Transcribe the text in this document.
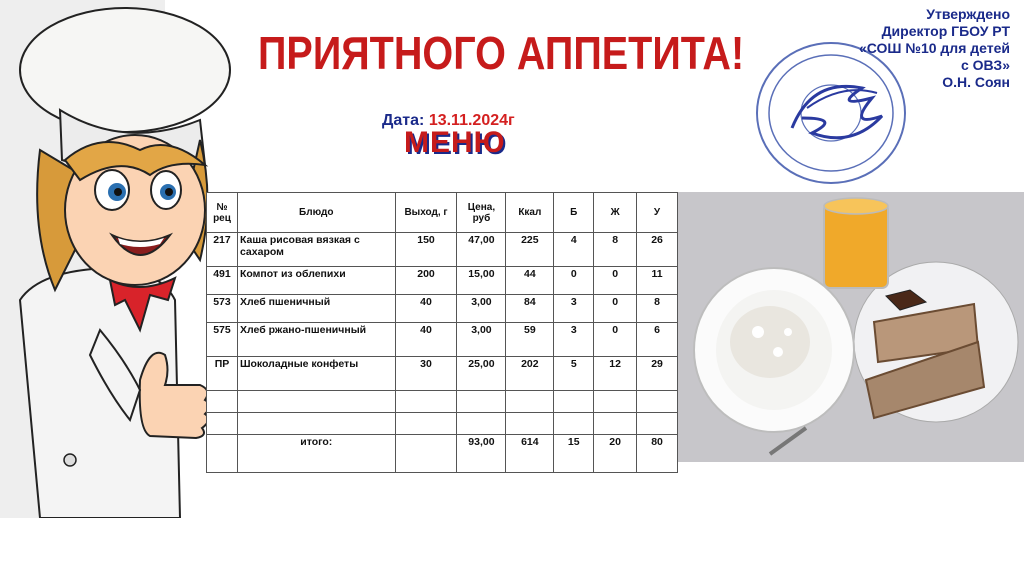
ПРИЯТНОГО АППЕТИТА!
Дата: 13.11.2024г
МЕНЮ
Утверждено
Директор ГБОУ РТ
«СОШ №10 для детей
с ОВЗ»
О.Н. Соян
№ рец	Блюдо	Выход, г	Цена, руб	Ккал	Б	Ж	У
217	Каша рисовая вязкая с сахаром	150	47,00	225	4	8	26
491	Компот из облепихи	200	15,00	44	0	0	11
573	Хлеб пшеничный	40	3,00	84	3	0	8
575	Хлеб ржано-пшеничный	40	3,00	59	3	0	6
ПР	Шоколадные конфеты	30	25,00	202	5	12	29

	итого:		93,00	614	15	20	80
